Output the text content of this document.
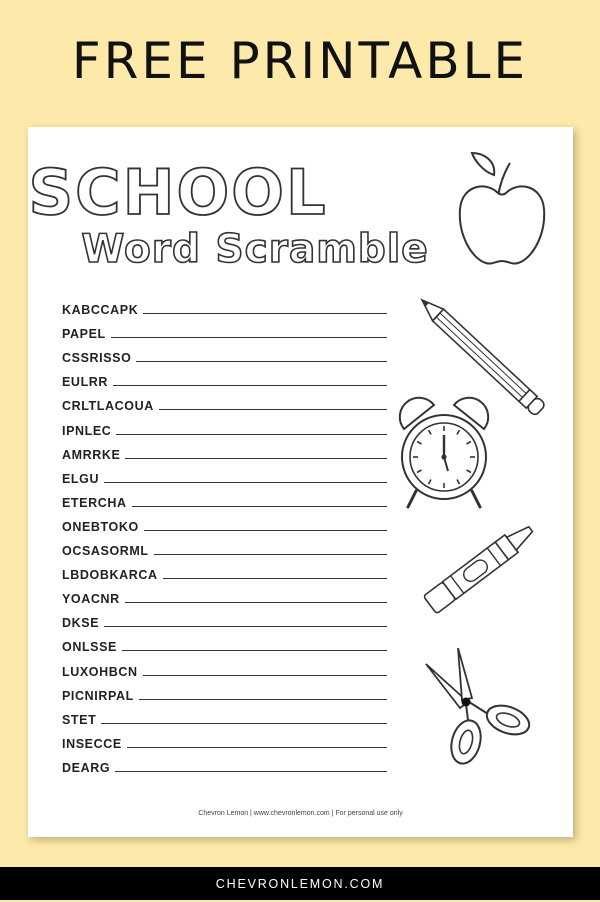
FREE PRINTABLE
SCHOOL
Word Scramble
KABCCAPK
PAPEL
CSSRISSO
EULRR
CRLTLACOUA
IPNLEC
AMRRKE
ELGU
ETERCHA
ONEBTOKO
OCSASORML
LBDOBKARCA
YOACNR
DKSE
ONLSSE
LUXOHBCN
PICNIRPAL
STET
INSECCE
DEARG
Chevron Lemon | www.chevronlemon.com | For personal use only
CHEVRONLEMON.COM
